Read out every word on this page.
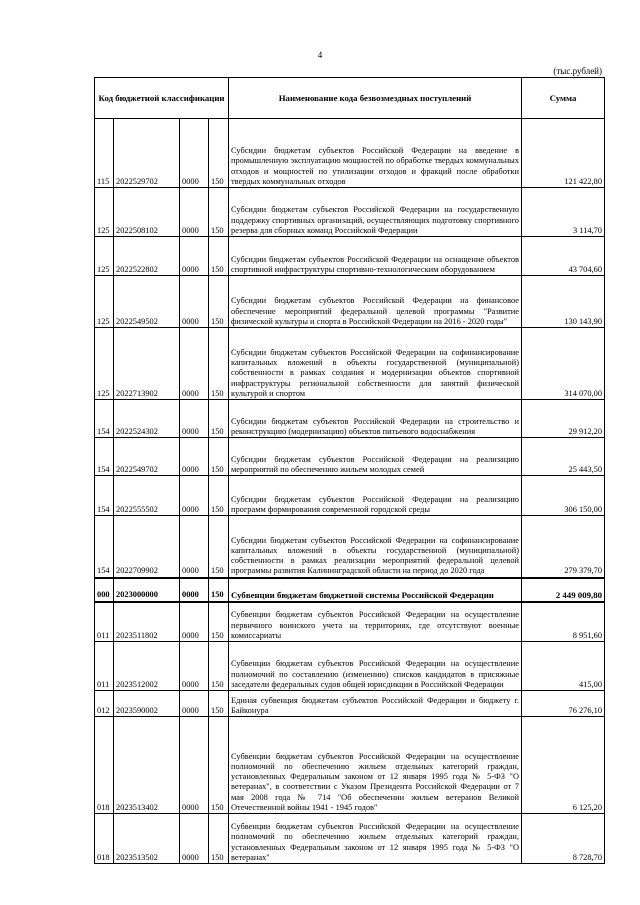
4
(тыс.рублей)
Код бюджетной классификации				Наименование кода безвозмездных поступлений	Сумма
115	2022529702	0000	150	Субсидии бюджетам субъектов Российской Федерации на введение в промышленную эксплуатацию мощностей по обработке твердых коммунальных отходов и мощностей по утилизации отходов и фракций после обработки твердых коммунальных отходов	121 422,80
125	2022508102	0000	150	Субсидии бюджетам субъектов Российской Федерации на государственную поддержку спортивных организаций, осуществляющих подготовку спортивного резерва для сборных команд Российской Федерации	3 114,70
125	2022522802	0000	150	Субсидии бюджетам субъектов Российской Федерации на оснащение объектов спортивной инфраструктуры спортивно-технологическим оборудованием	43 704,60
125	2022549502	0000	150	Субсидии бюджетам субъектов Российской Федерации на финансовое обеспечение мероприятий федеральной целевой программы "Развитие физической культуры и спорта в Российской Федерации на 2016 - 2020 годы"	130 143,90
125	2022713902	0000	150	Субсидии бюджетам субъектов Российской Федерации на софинансирование капитальных вложений в объекты государственной (муниципальной) собственности в рамках создания и модернизации объектов спортивной инфраструктуры региональной собственности для занятий физической культурой и спортом	314 070,00
154	2022524302	0000	150	Субсидии бюджетам субъектов Российской Федерации на строительство и реконструкцию (модернизацию) объектов питьевого водоснабжения	29 912,20
154	2022549702	0000	150	Субсидии бюджетам субъектов Российской Федерации на реализацию мероприятий по обеспечению жильем молодых семей	25 443,50
154	2022555502	0000	150	Субсидии бюджетам субъектов Российской Федерации на реализацию программ формирования современной городской среды	306 150,00
154	2022709902	0000	150	Субсидии бюджетам субъектов Российской Федерации на софинансирование капитальных вложений в объекты государственной (муниципальной) собственности в рамках реализации мероприятий федеральной целевой программы развития Калининградской области на период до 2020 года	279 379,70
000	2023000000	0000	150	Субвенции бюджетам бюджетной системы Российской Федерации	2 449 009,80
011	2023511802	0000	150	Субвенции бюджетам субъектов Российской Федерации на осуществление первичного воинского учета на территориях, где отсутствуют военные комиссариаты	8 951,60
011	2023512002	0000	150	Субвенции бюджетам субъектов Российской Федерации на осуществление полномочий по составлению (изменению) списков кандидатов в присяжные заседатели федеральных судов общей юрисдикции в Российской Федерации	415,00
012	2023590002	0000	150	Единая субвенция бюджетам субъектов Российской Федерации и бюджету г. Байконура	76 276,10
018	2023513402	0000	150	Субвенции бюджетам субъектов Российской Федерации на осуществление полномочий по обеспечению жильем отдельных категорий граждан, установленных Федеральным законом от 12 января 1995 года № 5-ФЗ "О ветеранах", в соответствии с Указом Президента Российской Федерации от 7 мая 2008 года № 714 "Об обеспечении жильем ветеранов Великой Отечественной войны 1941 - 1945 годов"	6 125,20
018	2023513502	0000	150	Субвенции бюджетам субъектов Российской Федерации на осуществление полномочий по обеспечению жильем отдельных категорий граждан, установленных Федеральным законом от 12 января 1995 года № 5-ФЗ "О ветеранах"	8 728,70
